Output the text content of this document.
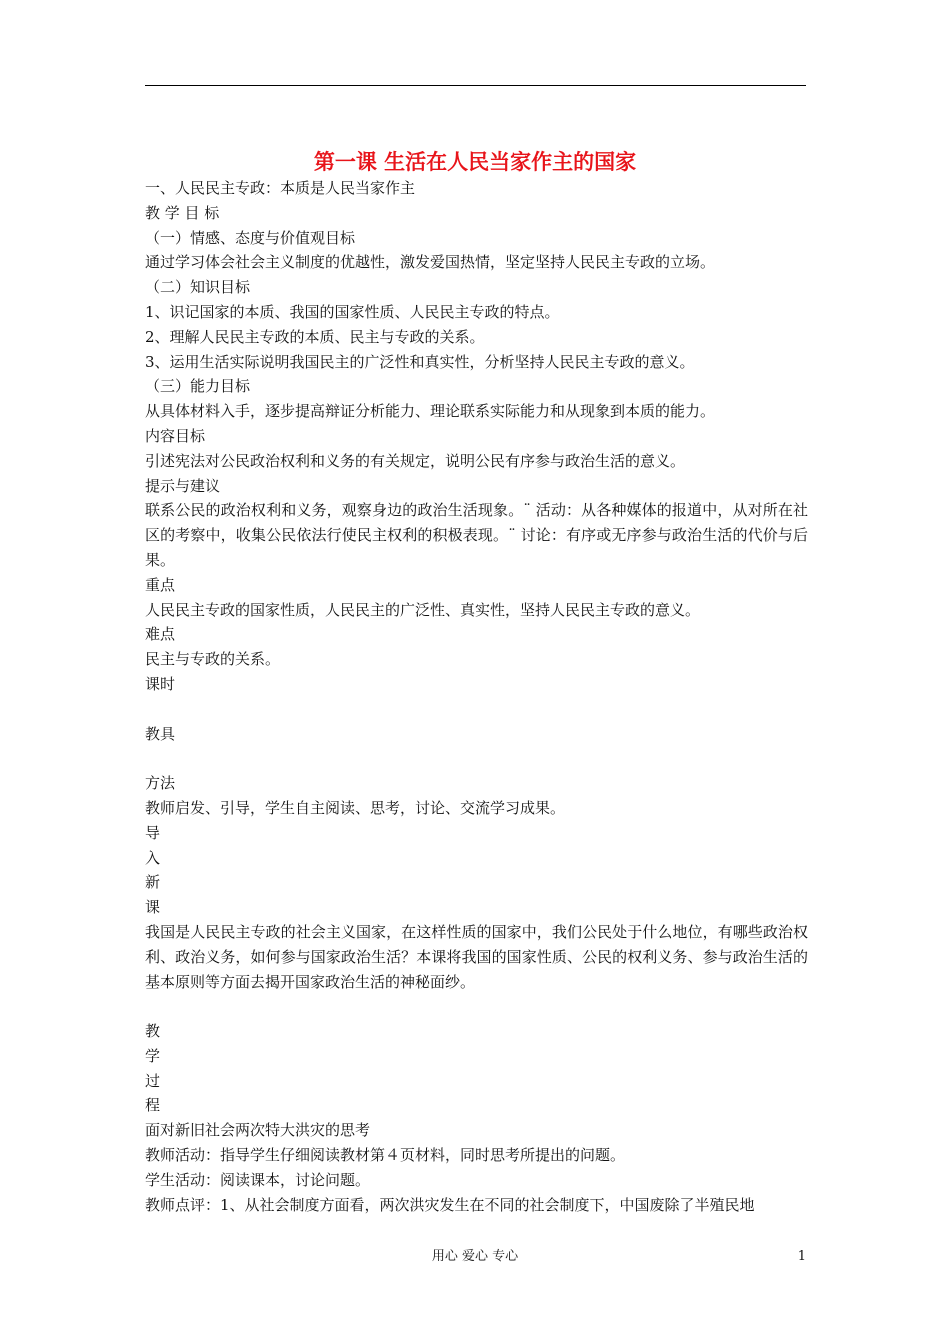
第一课 生活在人民当家作主的国家

一、人民民主专政：本质是人民当家作主

教 学 目 标

（一）情感、态度与价值观目标

通过学习体会社会主义制度的优越性，激发爱国热情，坚定坚持人民民主专政的立场。

（二）知识目标

1、识记国家的本质、我国的国家性质、人民民主专政的特点。

2、理解人民民主专政的本质、民主与专政的关系。

3、运用生活实际说明我国民主的广泛性和真实性，分析坚持人民民主专政的意义。

（三）能力目标

从具体材料入手，逐步提高辩证分析能力、理论联系实际能力和从现象到本质的能力。

内容目标

引述宪法对公民政治权利和义务的有关规定，说明公民有序参与政治生活的意义。

提示与建议

联系公民的政治权利和义务，观察身边的政治生活现象。¨ 活动：从各种媒体的报道中，从对所在社区的考察中，收集公民依法行使民主权利的积极表现。¨ 讨论：有序或无序参与政治生活的代价与后果。

重点

人民民主专政的国家性质，人民民主的广泛性、真实性，坚持人民民主专政的意义。

难点

民主与专政的关系。

课时

教具

方法

教师启发、引导，学生自主阅读、思考，讨论、交流学习成果。

导

入

新

课

我国是人民民主专政的社会主义国家，在这样性质的国家中，我们公民处于什么地位，有哪些政治权利、政治义务，如何参与国家政治生活？本课将我国的国家性质、公民的权利义务、参与政治生活的基本原则等方面去揭开国家政治生活的神秘面纱。

教

学

过

程

面对新旧社会两次特大洪灾的思考

教师活动：指导学生仔细阅读教材第４页材料，同时思考所提出的问题。

学生活动：阅读课本，讨论问题。

教师点评：1、从社会制度方面看，两次洪灾发生在不同的社会制度下，中国废除了半殖民地

用心 爱心 专心	1
